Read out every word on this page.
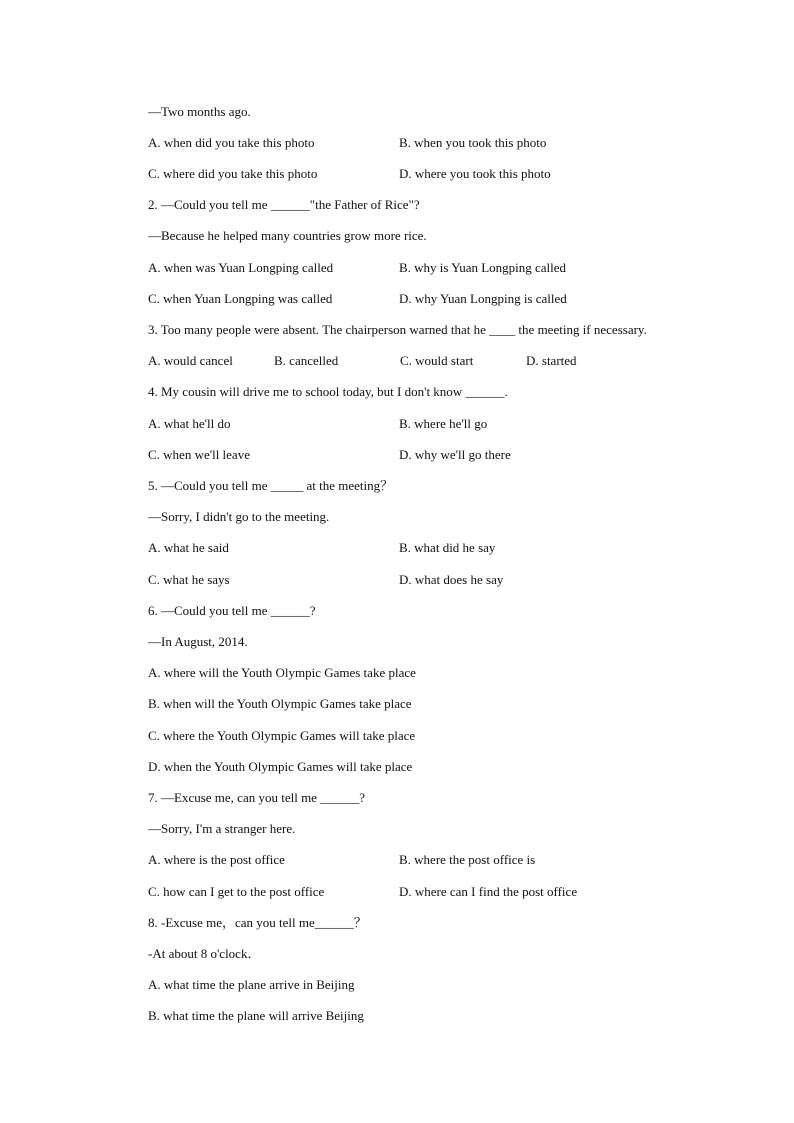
—Two months ago.
A. when did you take this photo	B. when you took this photo
C. where did you take this photo	D. where you took this photo
2. —Could you tell me ______"the Father of Rice"?
—Because he helped many countries grow more rice.
A. when was Yuan Longping called	B. why is Yuan Longping called
C. when Yuan Longping was called	D. why Yuan Longping is called
3. Too many people were absent. The chairperson warned that he ____ the meeting if necessary.
A. would cancel	B. cancelled	C. would start	D. started
4. My cousin will drive me to school today, but I don't know ______.
A. what he'll do	B. where he'll go
C. when we'll leave	D. why we'll go there
5. —Could you tell me _____ at the meeting？
—Sorry, I didn't go to the meeting.
A. what he said	B. what did he say
C. what he says	D. what does he say
6. —Could you tell me ______?
—In August, 2014.
A. where will the Youth Olympic Games take place
B. when will the Youth Olympic Games take place
C. where the Youth Olympic Games will take place
D. when the Youth Olympic Games will take place
7. —Excuse me, can you tell me ______?
—Sorry, I'm a stranger here.
A. where is the post office	B. where the post office is
C. how can I get to the post office	D. where can I find the post office
8. -Excuse me，can you tell me______？
-At about 8 o'clock．
A. what time the plane arrive in Beijing
B. what time the plane will arrive Beijing
